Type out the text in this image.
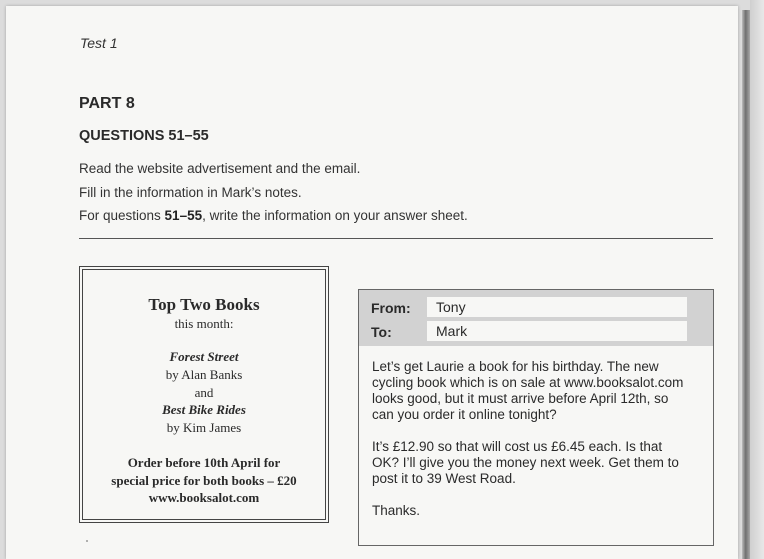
Test 1
PART 8
QUESTIONS 51–55
Read the website advertisement and the email.
Fill in the information in Mark’s notes.
For questions 51–55, write the information on your answer sheet.
Top Two Books
this month:
Forest Street
by Alan Banks
and
Best Bike Rides
by Kim James
Order before 10th April for
special price for both books – £20
www.booksalot.com
From:	Tony
To:	Mark
Let’s get Laurie a book for his birthday. The new
cycling book which is on sale at www.booksalot.com
looks good, but it must arrive before April 12th, so
can you order it online tonight?
It’s £12.90 so that will cost us £6.45 each. Is that
OK? I’ll give you the money next week. Get them to
post it to 39 West Road.
Thanks.
